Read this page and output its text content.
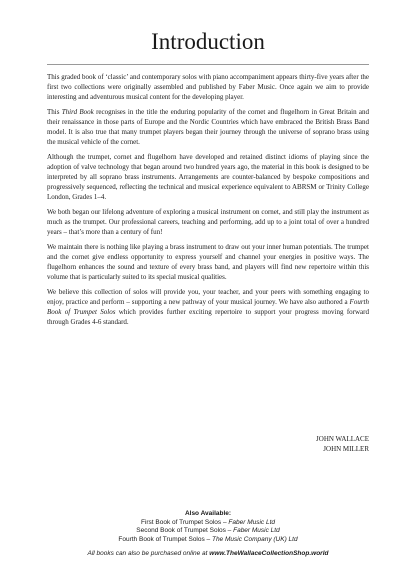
Introduction

This graded book of ‘classic’ and contemporary solos with piano accompaniment appears thirty-five years after the first two collections were originally assembled and published by Faber Music. Once again we aim to provide interesting and adventurous musical content for the developing player.

This Third Book recognises in the title the enduring popularity of the cornet and flugelhorn in Great Britain and their renaissance in those parts of Europe and the Nordic Countries which have embraced the British Brass Band model. It is also true that many trumpet players began their journey through the universe of soprano brass using the musical vehicle of the cornet.

Although the trumpet, cornet and flugelhorn have developed and retained distinct idioms of playing since the adoption of valve technology that began around two hundred years ago, the material in this book is designed to be interpreted by all soprano brass instruments. Arrangements are counter-balanced by bespoke compositions and progressively sequenced, reflecting the technical and musical experience equivalent to ABRSM or Trinity College London, Grades 1–4.

We both began our lifelong adventure of exploring a musical instrument on cornet, and still play the instrument as much as the trumpet. Our professional careers, teaching and performing, add up to a joint total of over a hundred years – that’s more than a century of fun!

We maintain there is nothing like playing a brass instrument to draw out your inner human potentials. The trumpet and the cornet give endless opportunity to express yourself and channel your energies in positive ways. The flugelhorn enhances the sound and texture of every brass band, and players will find new repertoire within this volume that is particularly suited to its special musical qualities.

We believe this collection of solos will provide you, your teacher, and your peers with something engaging to enjoy, practice and perform – supporting a new pathway of your musical journey. We have also authored a Fourth Book of Trumpet Solos which provides further exciting repertoire to support your progress moving forward through Grades 4-6 standard.

JOHN WALLACE
JOHN MILLER
Also Available:
First Book of Trumpet Solos – Faber Music Ltd
Second Book of Trumpet Solos – Faber Music Ltd
Fourth Book of Trumpet Solos – The Music Company (UK) Ltd
All books can also be purchased online at www.TheWallaceCollectionShop.world
